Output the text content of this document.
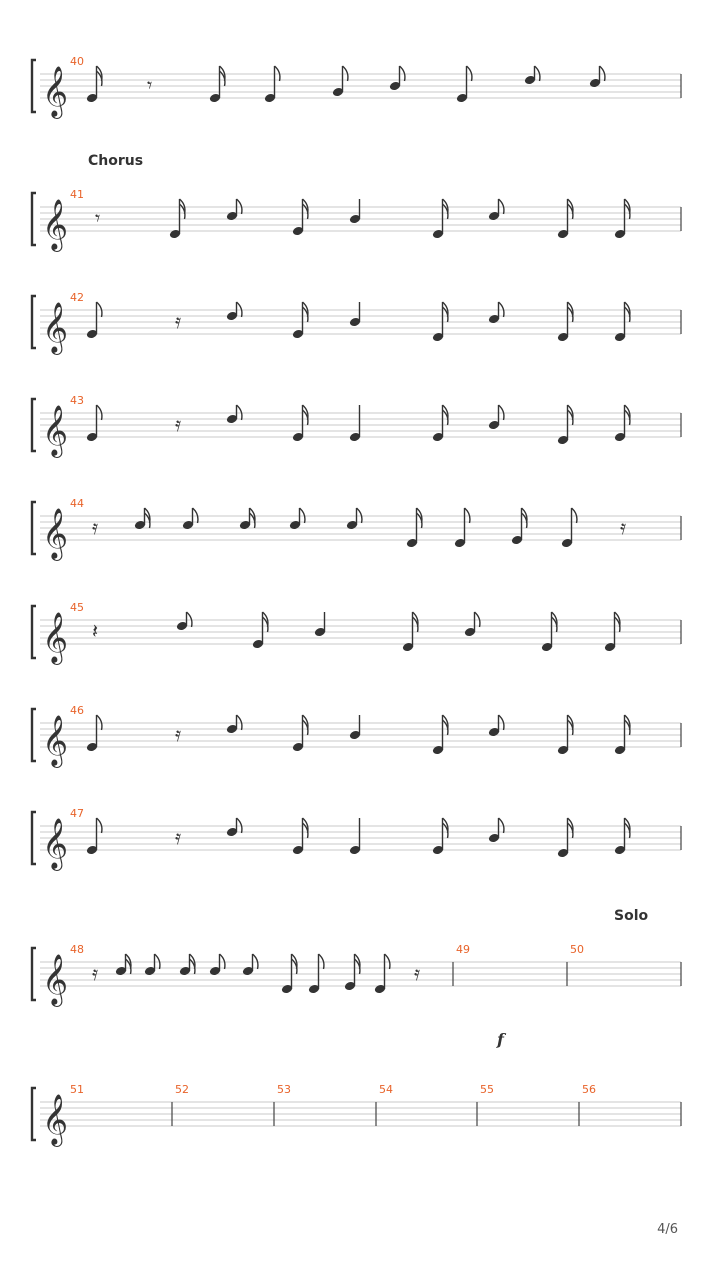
𝄞
40
𝄾
𝄞
41
𝄾
𝄞
42
𝄿
𝄞
43
𝄿
𝄞
44
𝄿	𝄿
𝄞
45
𝄽
𝄞
46
𝄿
𝄞
47
𝄿
𝄞
48	49	50
𝄿	𝄿
𝄞
51	52	53	54	55	56
Chorus
Solo
f
4/6
